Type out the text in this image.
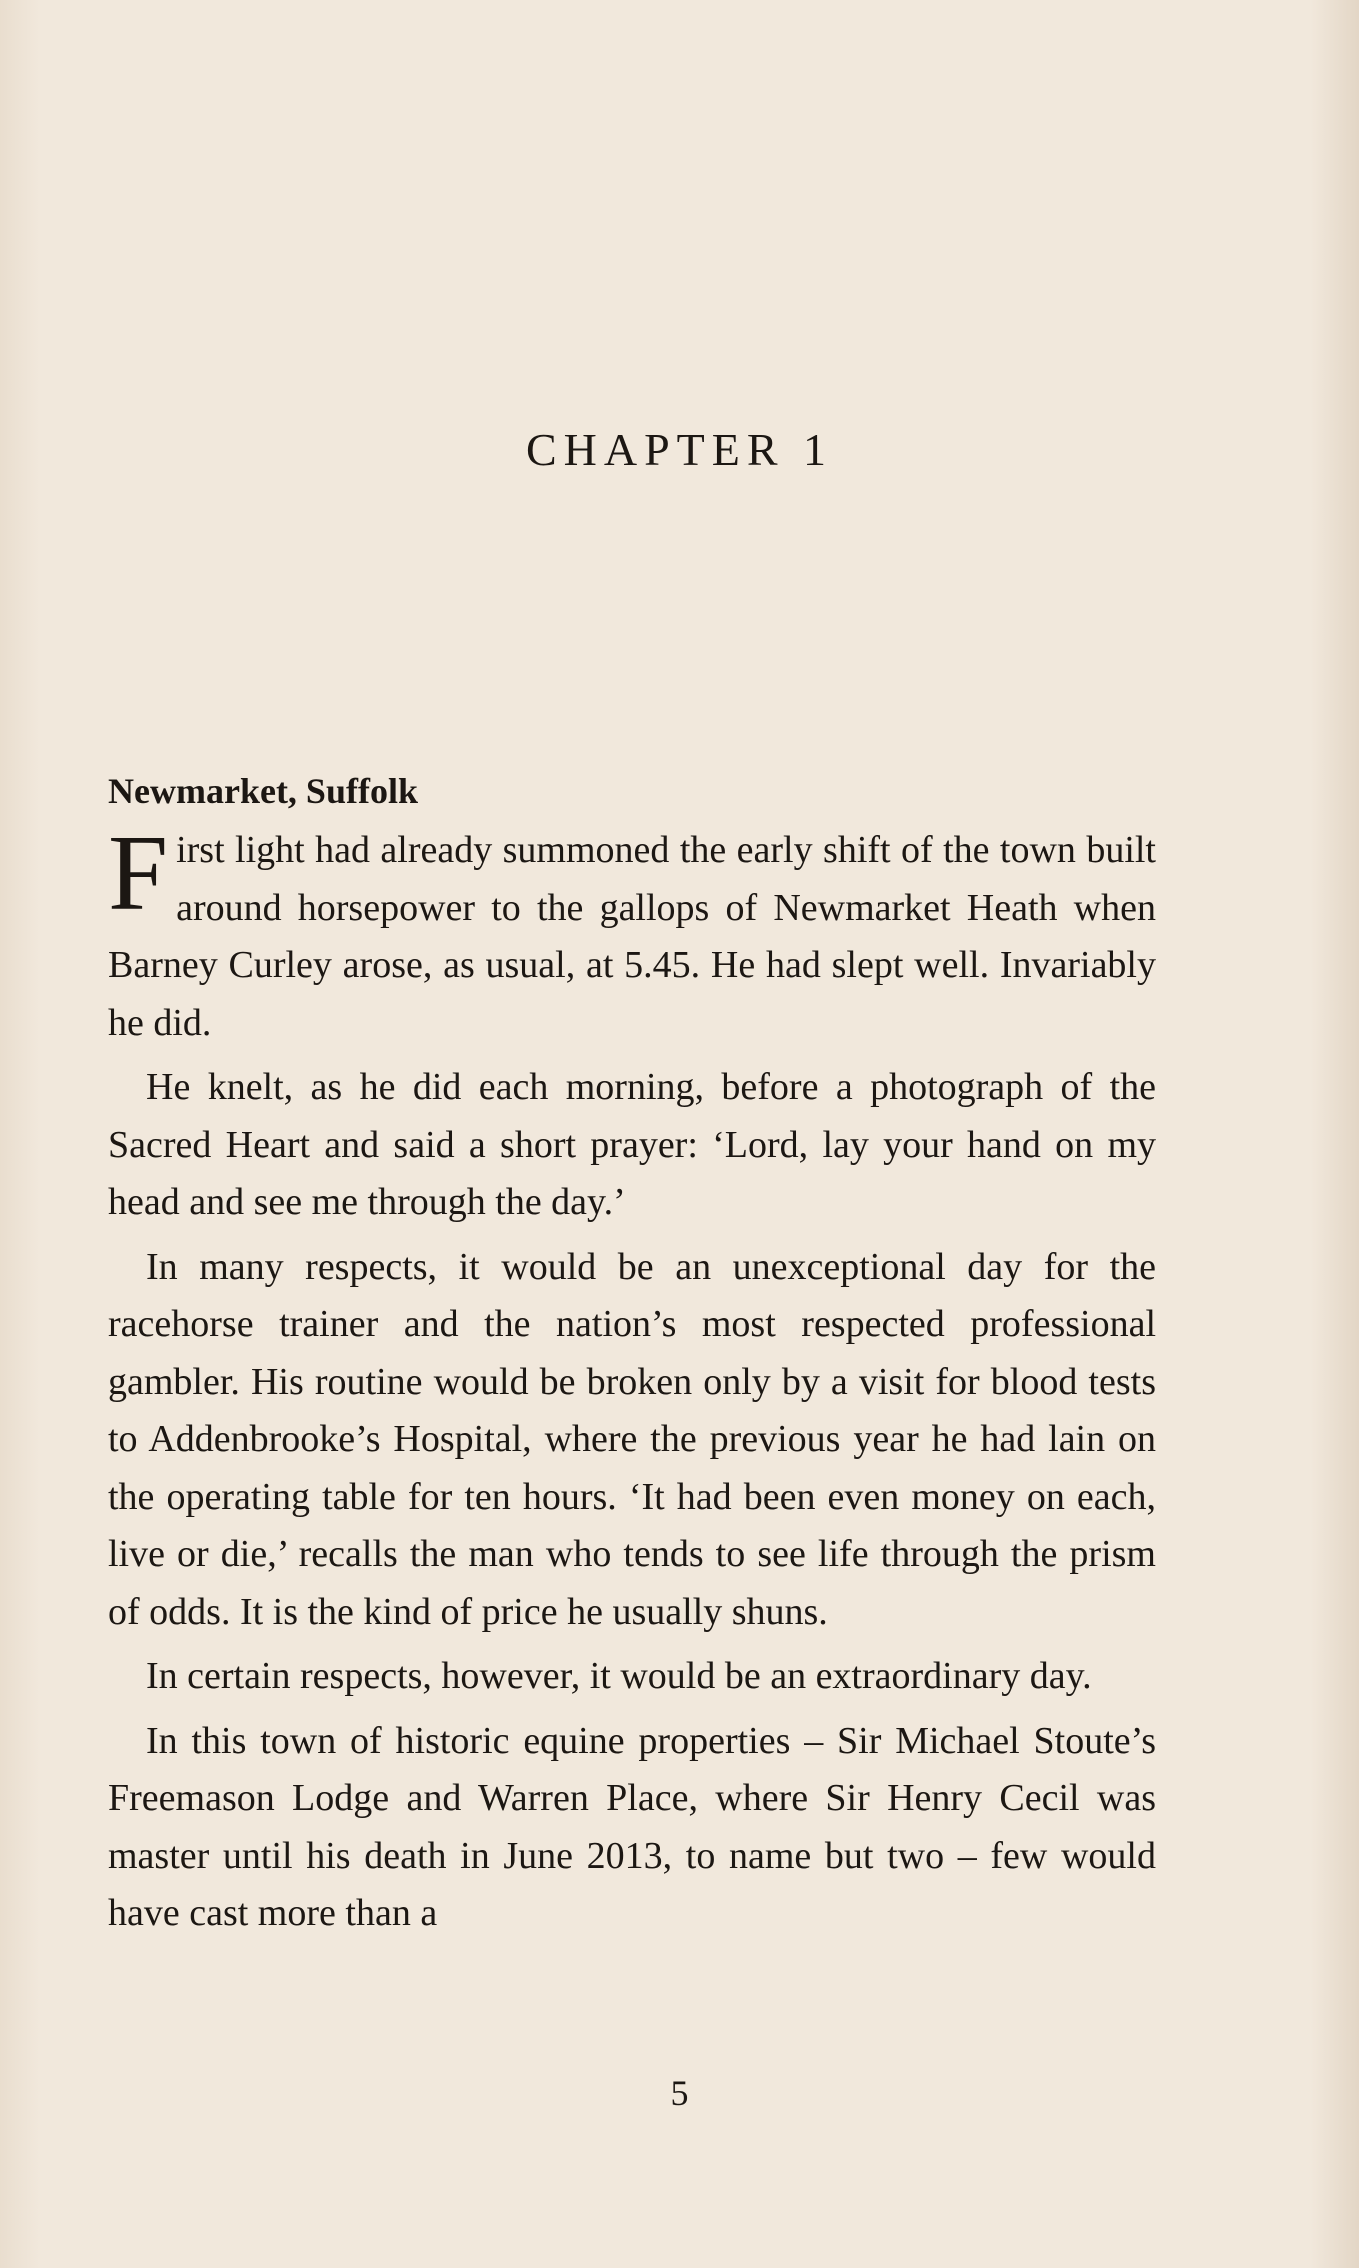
CHAPTER 1
Newmarket, Suffolk

First light had already summoned the early shift of the town built around horsepower to the gallops of Newmarket Heath when Barney Curley arose, as usual, at 5.45. He had slept well. Invariably he did.

He knelt, as he did each morning, before a photograph of the Sacred Heart and said a short prayer: ‘Lord, lay your hand on my head and see me through the day.’

In many respects, it would be an unexceptional day for the racehorse trainer and the nation’s most respected professional gambler. His routine would be broken only by a visit for blood tests to Addenbrooke’s Hospital, where the previous year he had lain on the operating table for ten hours. ‘It had been even money on each, live or die,’ recalls the man who tends to see life through the prism of odds. It is the kind of price he usually shuns.

In certain respects, however, it would be an extraordinary day.

In this town of historic equine properties – Sir Michael Stoute’s Freemason Lodge and Warren Place, where Sir Henry Cecil was master until his death in June 2013, to name but two – few would have cast more than a

5
